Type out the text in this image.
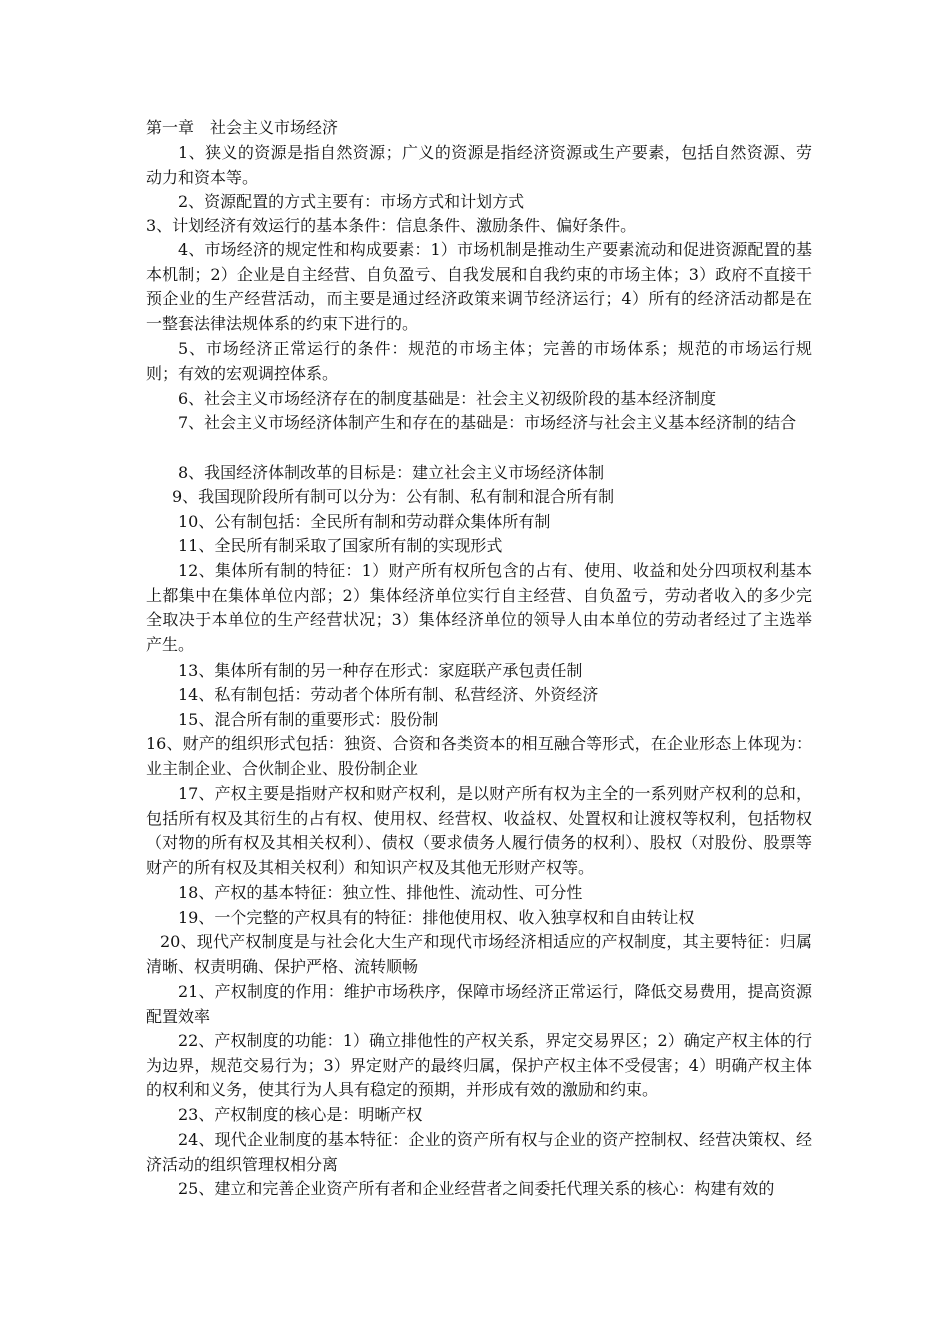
第一章　社会主义市场经济

1、狭义的资源是指自然资源；广义的资源是指经济资源或生产要素，包括自然资源、劳动力和资本等。

2、资源配置的方式主要有：市场方式和计划方式

3、计划经济有效运行的基本条件：信息条件、激励条件、偏好条件。

4、市场经济的规定性和构成要素：1）市场机制是推动生产要素流动和促进资源配置的基本机制；2）企业是自主经营、自负盈亏、自我发展和自我约束的市场主体；3）政府不直接干预企业的生产经营活动，而主要是通过经济政策来调节经济运行；4）所有的经济活动都是在一整套法律法规体系的约束下进行的。

5、市场经济正常运行的条件：规范的市场主体；完善的市场体系；规范的市场运行规则；有效的宏观调控体系。

6、社会主义市场经济存在的制度基础是：社会主义初级阶段的基本经济制度

7、社会主义市场经济体制产生和存在的基础是：市场经济与社会主义基本经济制的结合

8、我国经济体制改革的目标是：建立社会主义市场经济体制

9、我国现阶段所有制可以分为：公有制、私有制和混合所有制

10、公有制包括：全民所有制和劳动群众集体所有制

11、全民所有制采取了国家所有制的实现形式

12、集体所有制的特征：1）财产所有权所包含的占有、使用、收益和处分四项权利基本上都集中在集体单位内部；2）集体经济单位实行自主经营、自负盈亏，劳动者收入的多少完全取决于本单位的生产经营状况；3）集体经济单位的领导人由本单位的劳动者经过了主选举产生。

13、集体所有制的另一种存在形式：家庭联产承包责任制

14、私有制包括：劳动者个体所有制、私营经济、外资经济

15、混合所有制的重要形式：股份制

16、财产的组织形式包括：独资、合资和各类资本的相互融合等形式，在企业形态上体现为：业主制企业、合伙制企业、股份制企业

17、产权主要是指财产权和财产权利，是以财产所有权为主全的一系列财产权利的总和，包括所有权及其衍生的占有权、使用权、经营权、收益权、处置权和让渡权等权利，包括物权（对物的所有权及其相关权利）、债权（要求债务人履行债务的权利）、股权（对股份、股票等财产的所有权及其相关权利）和知识产权及其他无形财产权等。

18、产权的基本特征：独立性、排他性、流动性、可分性

19、一个完整的产权具有的特征：排他使用权、收入独享权和自由转让权

20、现代产权制度是与社会化大生产和现代市场经济相适应的产权制度，其主要特征：归属清晰、权责明确、保护严格、流转顺畅

21、产权制度的作用：维护市场秩序，保障市场经济正常运行，降低交易费用，提高资源配置效率

22、产权制度的功能：1）确立排他性的产权关系，界定交易界区；2）确定产权主体的行为边界，规范交易行为；3）界定财产的最终归属，保护产权主体不受侵害；4）明确产权主体的权利和义务，使其行为人具有稳定的预期，并形成有效的激励和约束。

23、产权制度的核心是：明晰产权

24、现代企业制度的基本特征：企业的资产所有权与企业的资产控制权、经营决策权、经济活动的组织管理权相分离

25、建立和完善企业资产所有者和企业经营者之间委托代理关系的核心：构建有效的
